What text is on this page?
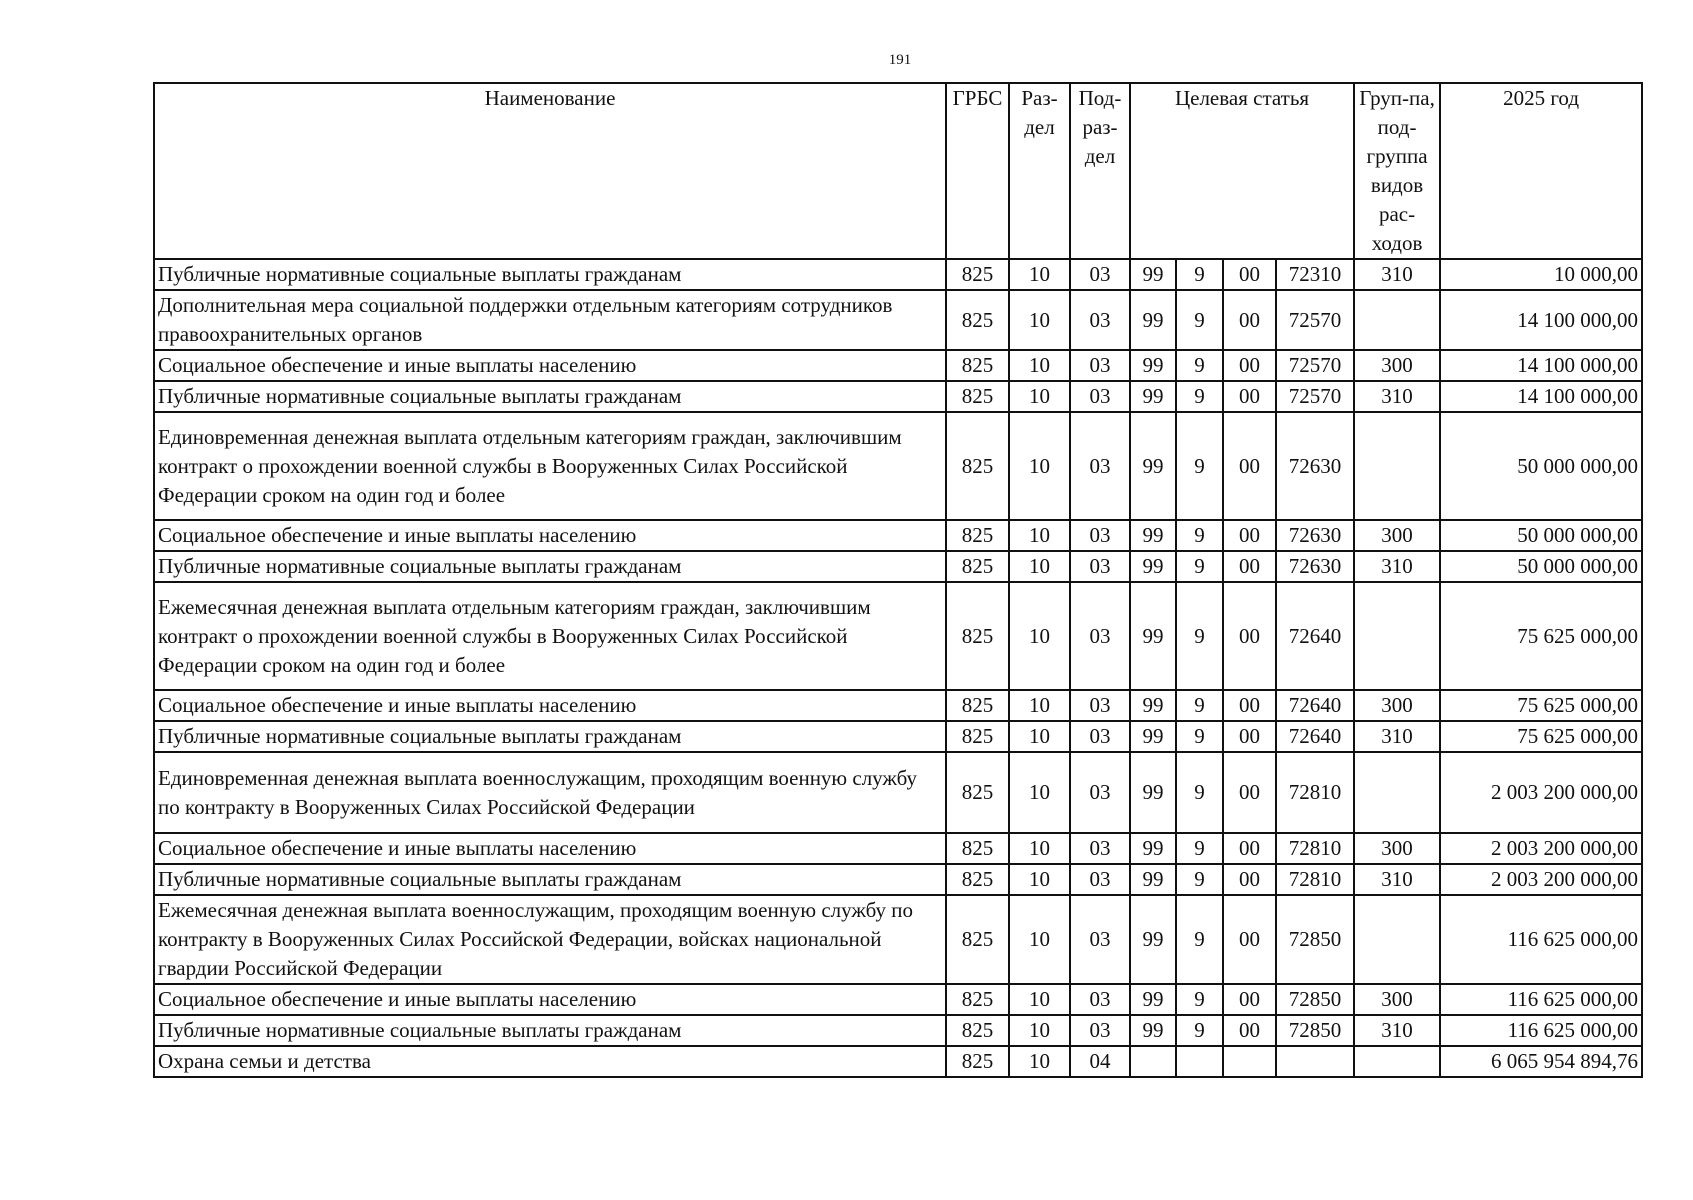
191
Наименование	ГРБС	Раз-дел	Под-раз-дел	Целевая статья				Груп-па, под-группа видов рас-ходов	2025 год
Публичные нормативные социальные выплаты гражданам	825	10	03	99	9	00	72310	310	10 000,00
Дополнительная мера социальной поддержки отдельным категориям сотрудников правоохранительных органов	825	10	03	99	9	00	72570		14 100 000,00
Социальное обеспечение и иные выплаты населению	825	10	03	99	9	00	72570	300	14 100 000,00
Публичные нормативные социальные выплаты гражданам	825	10	03	99	9	00	72570	310	14 100 000,00
Единовременная денежная выплата отдельным категориям граждан, заключившим контракт о прохождении военной службы в Вооруженных Силах Российской Федерации сроком на один год и более	825	10	03	99	9	00	72630		50 000 000,00
Социальное обеспечение и иные выплаты населению	825	10	03	99	9	00	72630	300	50 000 000,00
Публичные нормативные социальные выплаты гражданам	825	10	03	99	9	00	72630	310	50 000 000,00
Ежемесячная денежная выплата отдельным категориям граждан, заключившим контракт о прохождении военной службы в Вооруженных Силах Российской Федерации сроком на один год и более	825	10	03	99	9	00	72640		75 625 000,00
Социальное обеспечение и иные выплаты населению	825	10	03	99	9	00	72640	300	75 625 000,00
Публичные нормативные социальные выплаты гражданам	825	10	03	99	9	00	72640	310	75 625 000,00
Единовременная денежная выплата военнослужащим, проходящим военную службу по контракту в Вооруженных Силах Российской Федерации	825	10	03	99	9	00	72810		2 003 200 000,00
Социальное обеспечение и иные выплаты населению	825	10	03	99	9	00	72810	300	2 003 200 000,00
Публичные нормативные социальные выплаты гражданам	825	10	03	99	9	00	72810	310	2 003 200 000,00
Ежемесячная денежная выплата военнослужащим, проходящим военную службу по контракту в Вооруженных Силах Российской Федерации, войсках национальной гвардии Российской Федерации	825	10	03	99	9	00	72850		116 625 000,00
Социальное обеспечение и иные выплаты населению	825	10	03	99	9	00	72850	300	116 625 000,00
Публичные нормативные социальные выплаты гражданам	825	10	03	99	9	00	72850	310	116 625 000,00
Охрана семьи и детства	825	10	04						6 065 954 894,76
